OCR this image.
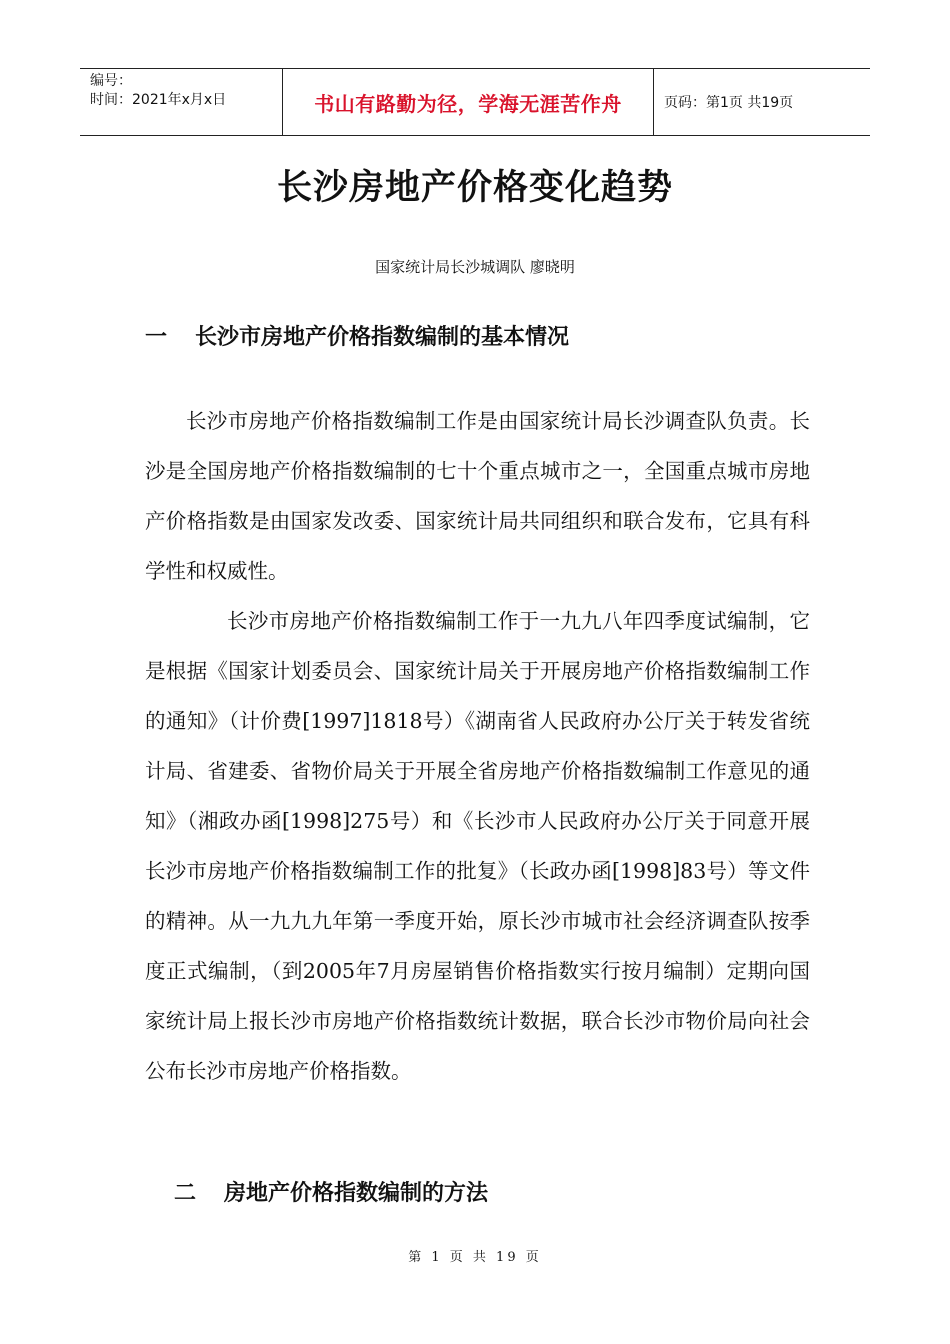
编号：
时间：2021年x月x日	书山有路勤为径，学海无涯苦作舟	页码：第1页 共19页
长沙房地产价格变化趋势
国家统计局长沙城调队 廖晓明
一 长沙市房地产价格指数编制的基本情况

长沙市房地产价格指数编制工作是由国家统计局长沙调查队负责。长沙是全国房地产价格指数编制的七十个重点城市之一，全国重点城市房地产价格指数是由国家发改委、国家统计局共同组织和联合发布，它具有科学性和权威性。

长沙市房地产价格指数编制工作于一九九八年四季度试编制，它是根据《国家计划委员会、国家统计局关于开展房地产价格指数编制工作的通知》（计价费[1997]1818号）《湖南省人民政府办公厅关于转发省统计局、省建委、省物价局关于开展全省房地产价格指数编制工作意见的通知》（湘政办函[1998]275号）和《长沙市人民政府办公厅关于同意开展长沙市房地产价格指数编制工作的批复》（长政办函[1998]83号）等文件的精神。从一九九九年第一季度开始，原长沙市城市社会经济调查队按季度正式编制，（到2005年7月房屋销售价格指数实行按月编制）定期向国家统计局上报长沙市房地产价格指数统计数据，联合长沙市物价局向社会公布长沙市房地产价格指数。

二 房地产价格指数编制的方法
第 1 页 共 19 页
